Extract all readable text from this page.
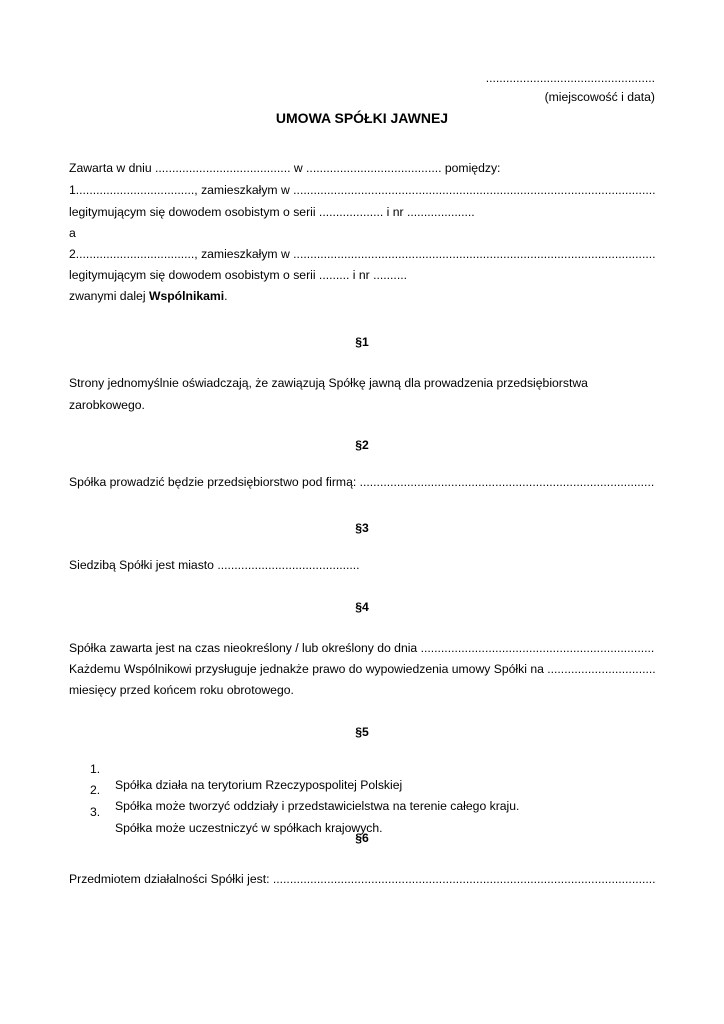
..................................................
(miejscowość i data)
UMOWA SPÓŁKI JAWNEJ
Zawarta w dniu ........................................ w ........................................ pomiędzy:
1..................................., zamieszkałym w
.....
legitymującym się dowodem osobistym o serii ................... i nr ....................
a
2..................................., zamieszkałym w
.....
legitymującym się dowodem osobistym o serii ......... i nr ..........
zwanymi dalej Wspólnikami.
§1
Strony jednomyślnie oświadczają, że zawiązują Spółkę jawną dla prowadzenia przedsiębiorstwa
zarobkowego.
§2
Spółka prowadzić będzie przedsiębiorstwo pod firmą:
.....
§3
Siedzibą Spółki jest miasto ..........................................
§4
Spółka zawarta jest na czas nieokreślony / lub określony do dnia
.....
Każdemu Wspólnikowi przysługuje jednakże prawo do wypowiedzenia umowy Spółki na
.....
miesięcy przed końcem roku obrotowego.
§5

1.

Spółka działa na terytorium Rzeczypospolitej Polskiej

2.

Spółka może tworzyć oddziały i przedstawicielstwa na terenie całego kraju.

3.

Spółka może uczestniczyć w spółkach krajowych.

§6
Przedmiotem działalności Spółki jest:
.....
